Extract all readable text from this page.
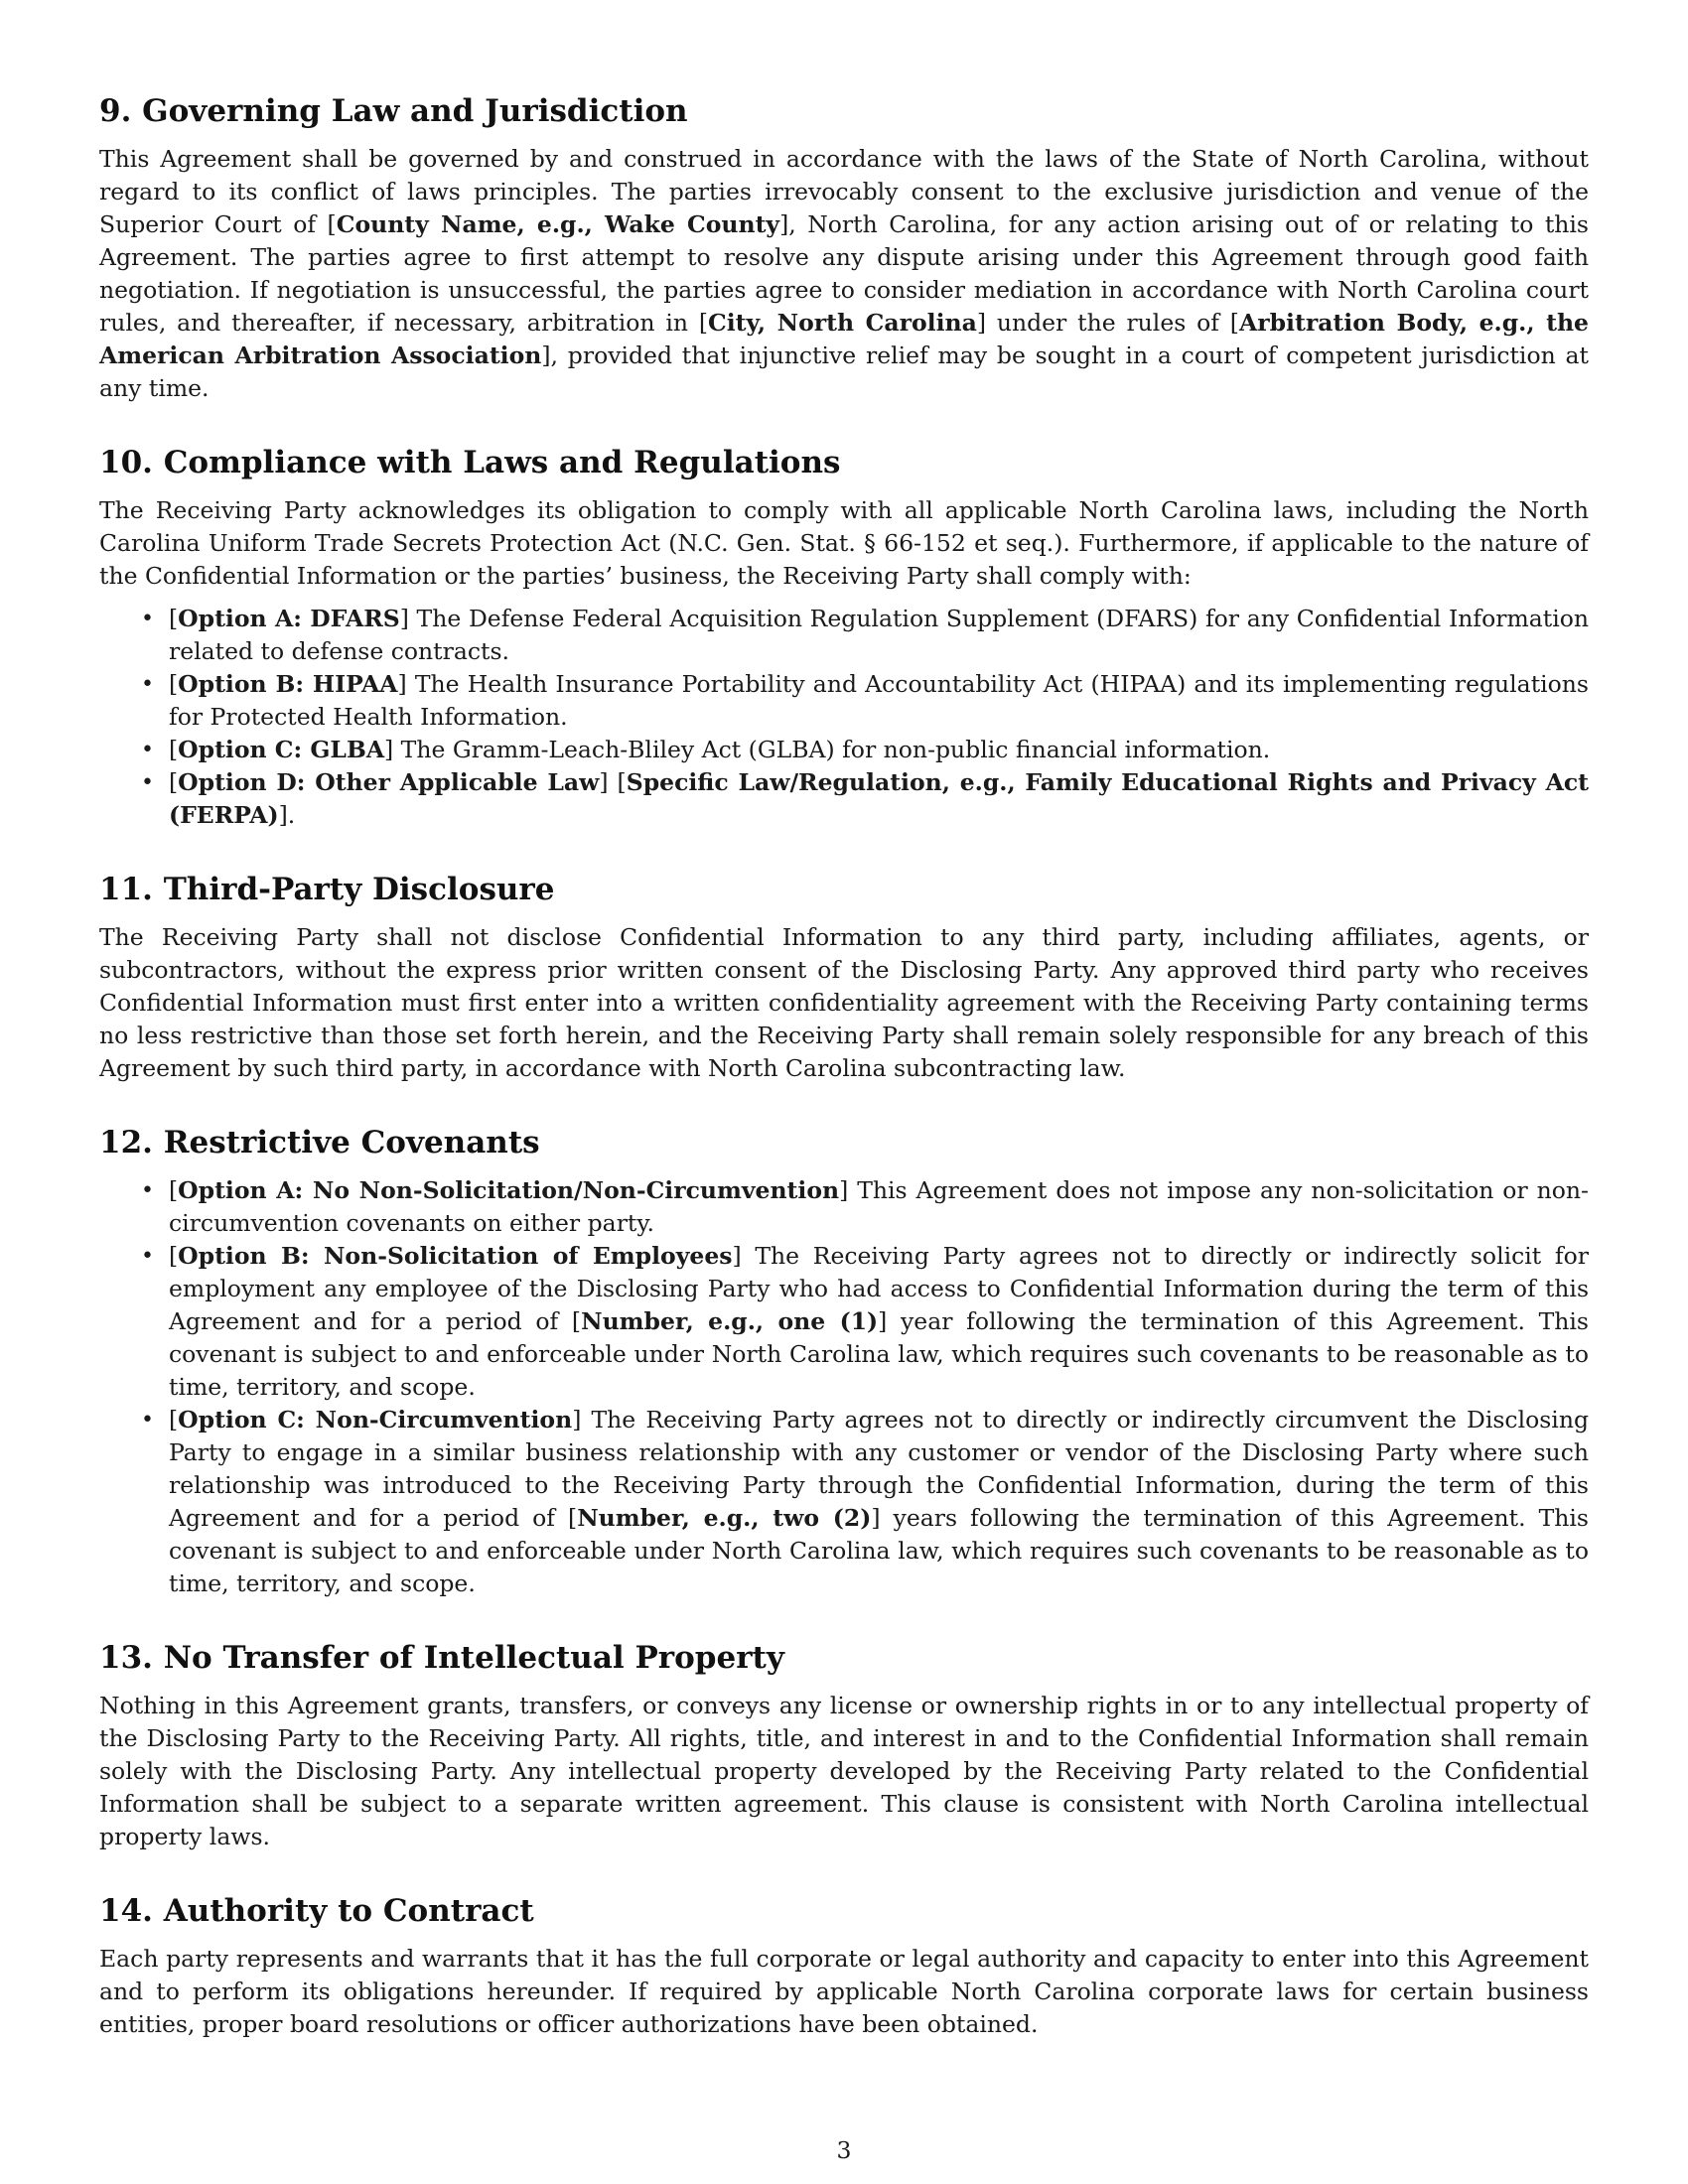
9. Governing Law and Jurisdiction

This Agreement shall be governed by and construed in accordance with the laws of the State of North Carolina, without regard to its conflict of laws principles. The parties irrevocably consent to the exclusive jurisdiction and venue of the Superior Court of [County Name, e.g., Wake County], North Carolina, for any action arising out of or relating to this Agreement. The parties agree to first attempt to resolve any dispute arising under this Agreement through good faith negotiation. If negotiation is unsuccessful, the parties agree to consider mediation in accordance with North Carolina court rules, and thereafter, if necessary, arbitration in [City, North Carolina] under the rules of [Arbitration Body, e.g., the American Arbitration Association], provided that injunctive relief may be sought in a court of competent jurisdiction at any time.

10. Compliance with Laws and Regulations

The Receiving Party acknowledges its obligation to comply with all applicable North Carolina laws, including the North Carolina Uniform Trade Secrets Protection Act (N.C. Gen. Stat. § 66-152 et seq.). Furthermore, if applicable to the nature of the Confidential Information or the parties’ business, the Receiving Party shall comply with:

• [Option A: DFARS] The Defense Federal Acquisition Regulation Supplement (DFARS) for any Confidential Information related to defense contracts.
• [Option B: HIPAA] The Health Insurance Portability and Accountability Act (HIPAA) and its implementing regulations for Protected Health Information.
• [Option C: GLBA] The Gramm-Leach-Bliley Act (GLBA) for non-public financial information.
• [Option D: Other Applicable Law] [Specific Law/Regulation, e.g., Family Educational Rights and Privacy Act (FERPA)].
11. Third-Party Disclosure

The Receiving Party shall not disclose Confidential Information to any third party, including affiliates, agents, or subcontractors, without the express prior written consent of the Disclosing Party. Any approved third party who receives Confidential Information must first enter into a written confidentiality agreement with the Receiving Party containing terms no less restrictive than those set forth herein, and the Receiving Party shall remain solely responsible for any breach of this Agreement by such third party, in accordance with North Carolina subcontracting law.

12. Restrictive Covenants
• [Option A: No Non-Solicitation/Non-Circumvention] This Agreement does not impose any non-solicitation or non-circumvention covenants on either party.
• [Option B: Non-Solicitation of Employees] The Receiving Party agrees not to directly or indirectly solicit for employment any employee of the Disclosing Party who had access to Confidential Information during the term of this Agreement and for a period of [Number, e.g., one (1)] year following the termination of this Agreement. This covenant is subject to and enforceable under North Carolina law, which requires such covenants to be reasonable as to time, territory, and scope.
• [Option C: Non-Circumvention] The Receiving Party agrees not to directly or indirectly circumvent the Disclosing Party to engage in a similar business relationship with any customer or vendor of the Disclosing Party where such relationship was introduced to the Receiving Party through the Confidential Information, during the term of this Agreement and for a period of [Number, e.g., two (2)] years following the termination of this Agreement. This covenant is subject to and enforceable under North Carolina law, which requires such covenants to be reasonable as to time, territory, and scope.
13. No Transfer of Intellectual Property

Nothing in this Agreement grants, transfers, or conveys any license or ownership rights in or to any intellectual property of the Disclosing Party to the Receiving Party. All rights, title, and interest in and to the Confidential Information shall remain solely with the Disclosing Party. Any intellectual property developed by the Receiving Party related to the Confidential Information shall be subject to a separate written agreement. This clause is consistent with North Carolina intellectual property laws.

14. Authority to Contract

Each party represents and warrants that it has the full corporate or legal authority and capacity to enter into this Agreement and to perform its obligations hereunder. If required by applicable North Carolina corporate laws for certain business entities, proper board resolutions or officer authorizations have been obtained.

3
